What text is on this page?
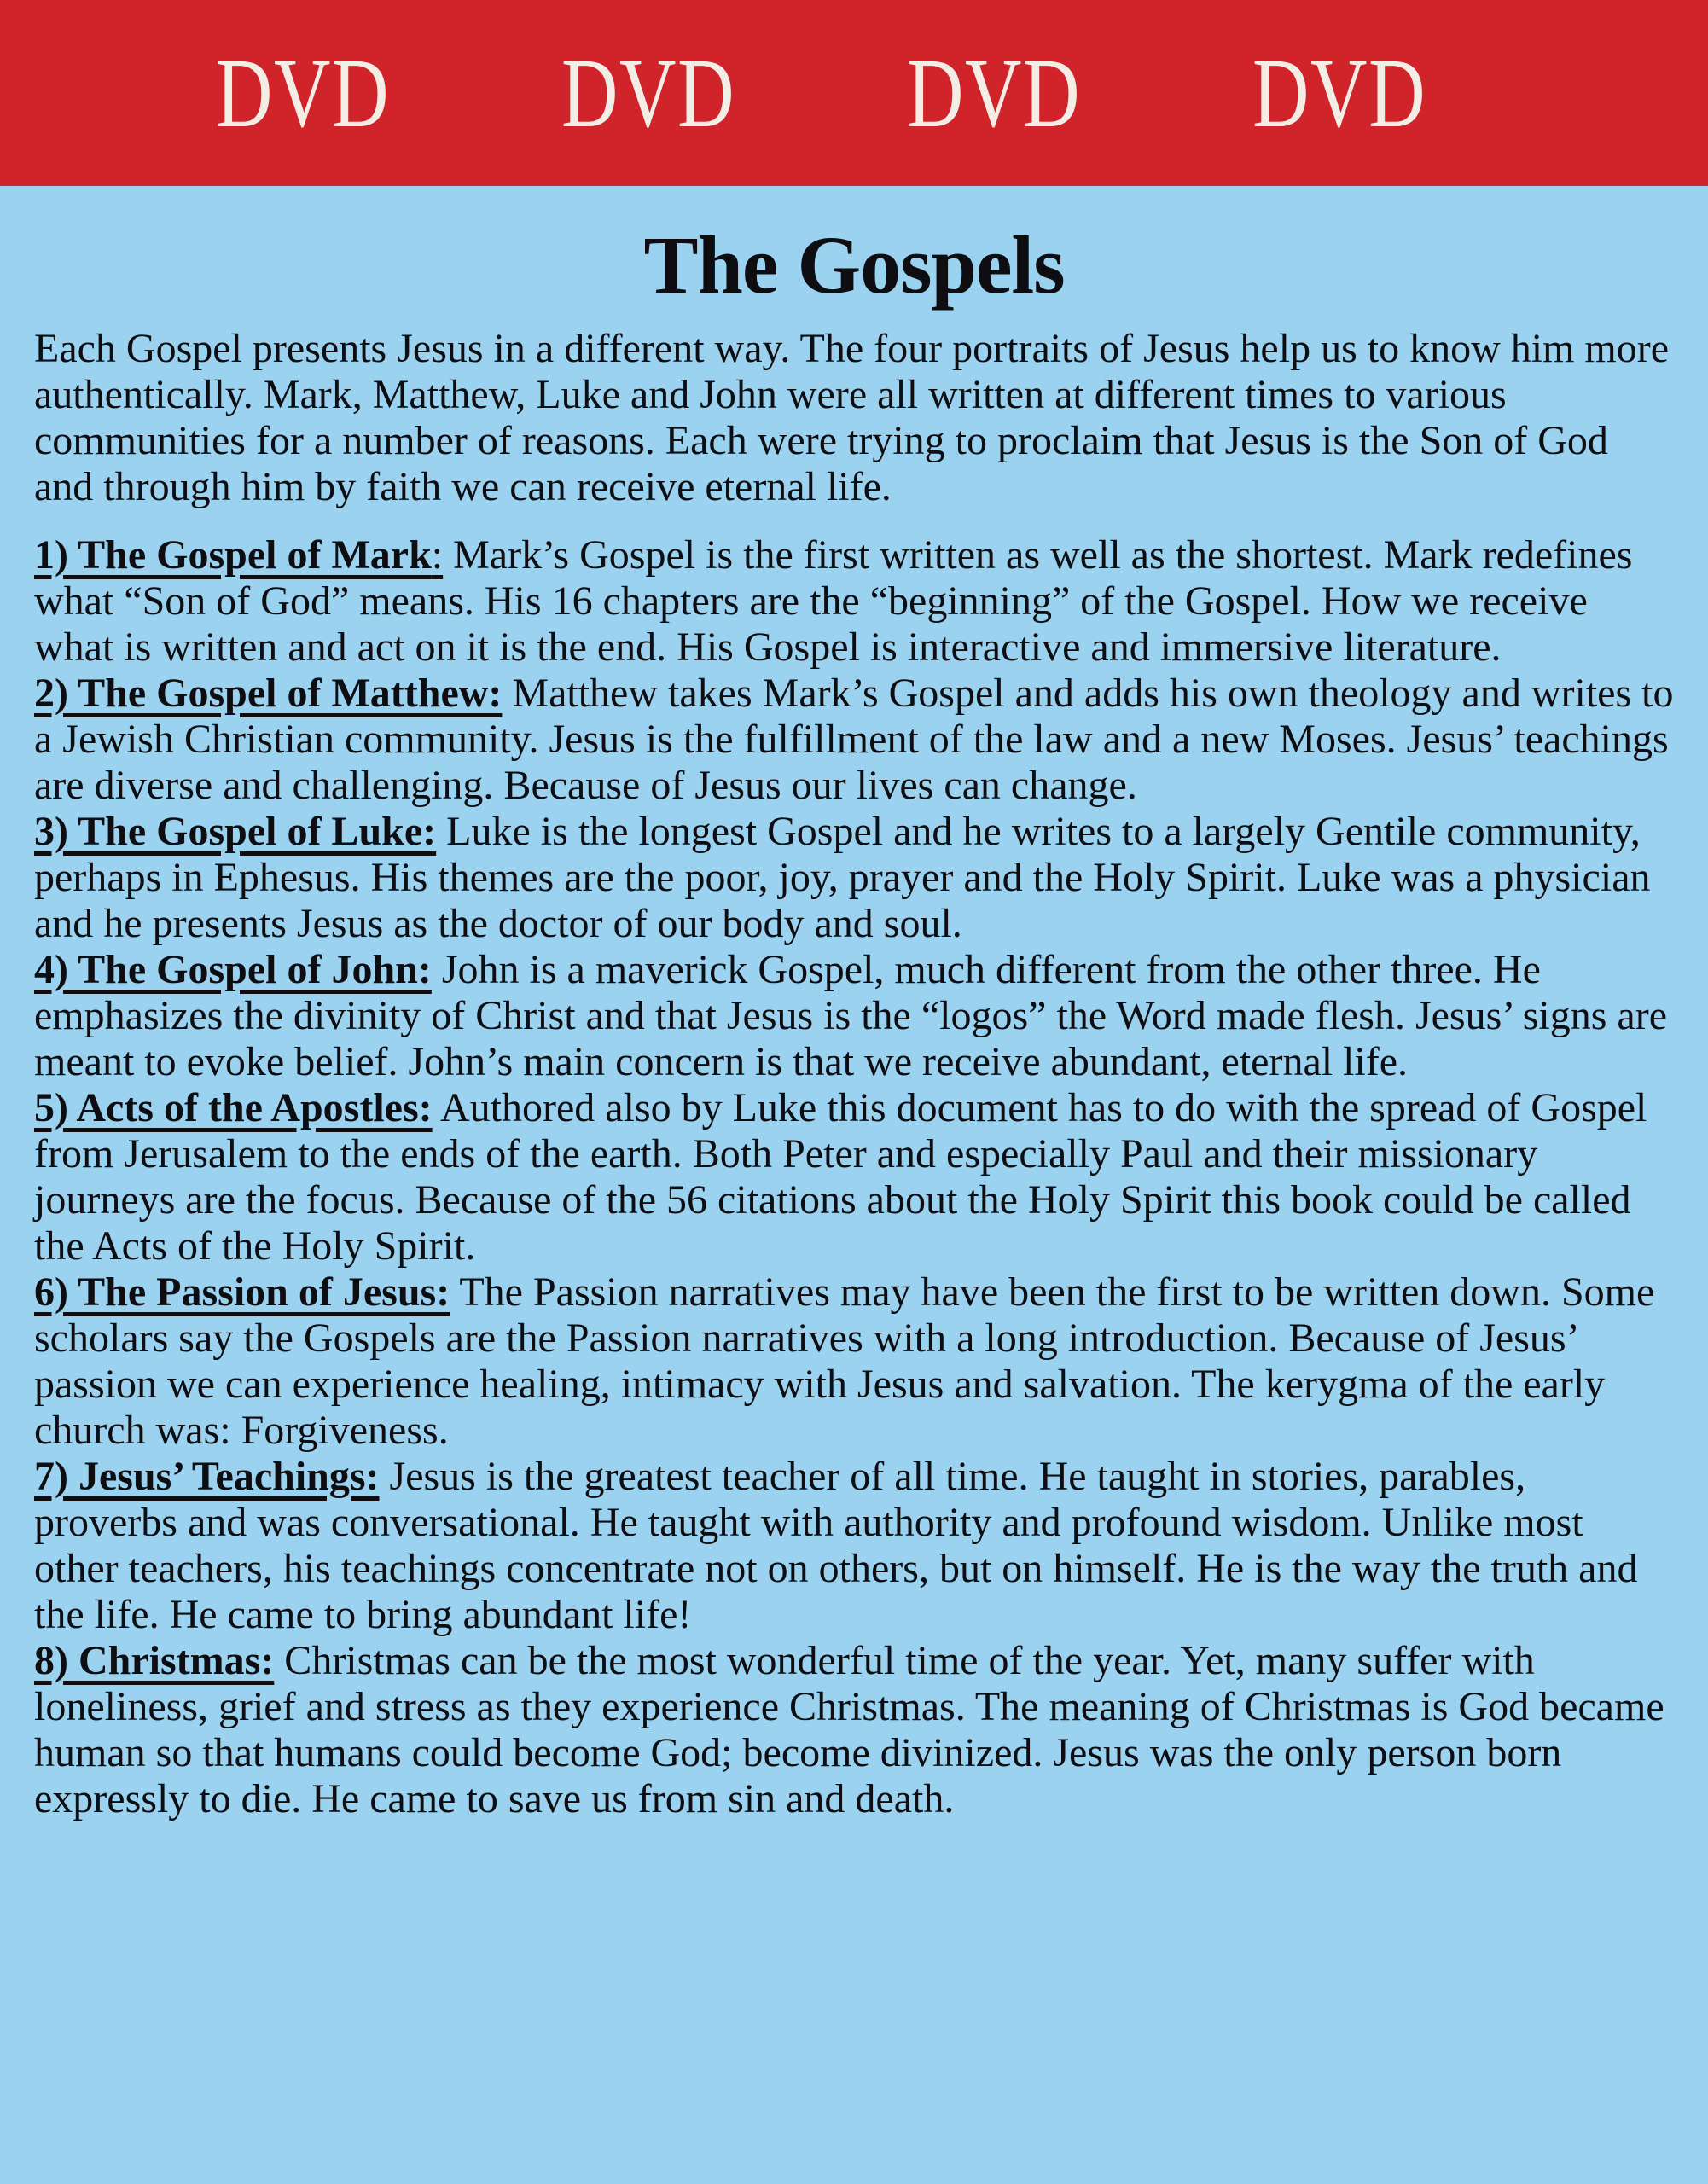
DVD DVD DVD DVD
The Gospels

Each Gospel presents Jesus in a different way. The four portraits of Jesus help us to know him more authentically. Mark, Matthew, Luke and John were all written at different times to various communities for a number of reasons. Each were trying to proclaim that Jesus is the Son of God and through him by faith we can receive eternal life.

1) The Gospel of Mark: Mark’s Gospel is the first written as well as the shortest. Mark redefines what “Son of God” means. His 16 chapters are the “beginning” of the Gospel. How we receive what is written and act on it is the end. His Gospel is interactive and immersive literature.

2) The Gospel of Matthew: Matthew takes Mark’s Gospel and adds his own theology and writes to a Jewish Christian community. Jesus is the fulfillment of the law and a new Moses. Jesus’ teachings are diverse and challenging. Because of Jesus our lives can change.

3) The Gospel of Luke: Luke is the longest Gospel and he writes to a largely Gentile community, perhaps in Ephesus. His themes are the poor, joy, prayer and the Holy Spirit. Luke was a physician and he presents Jesus as the doctor of our body and soul.

4) The Gospel of John: John is a maverick Gospel, much different from the other three. He emphasizes the divinity of Christ and that Jesus is the “logos” the Word made flesh. Jesus’ signs are meant to evoke belief. John’s main concern is that we receive abundant, eternal life.

5) Acts of the Apostles: Authored also by Luke this document has to do with the spread of Gospel from Jerusalem to the ends of the earth. Both Peter and especially Paul and their missionary journeys are the focus. Because of the 56 citations about the Holy Spirit this book could be called the Acts of the Holy Spirit.

6) The Passion of Jesus: The Passion narratives may have been the first to be written down. Some scholars say the Gospels are the Passion narratives with a long introduction. Because of Jesus’ passion we can experience healing, intimacy with Jesus and salvation. The kerygma of the early church was: Forgiveness.

7) Jesus’ Teachings: Jesus is the greatest teacher of all time. He taught in stories, parables, proverbs and was conversational. He taught with authority and profound wisdom. Unlike most other teachers, his teachings concentrate not on others, but on himself. He is the way the truth and the life. He came to bring abundant life!

8) Christmas: Christmas can be the most wonderful time of the year. Yet, many suffer with loneliness, grief and stress as they experience Christmas. The meaning of Christmas is God became human so that humans could become God; become divinized. Jesus was the only person born expressly to die. He came to save us from sin and death.
